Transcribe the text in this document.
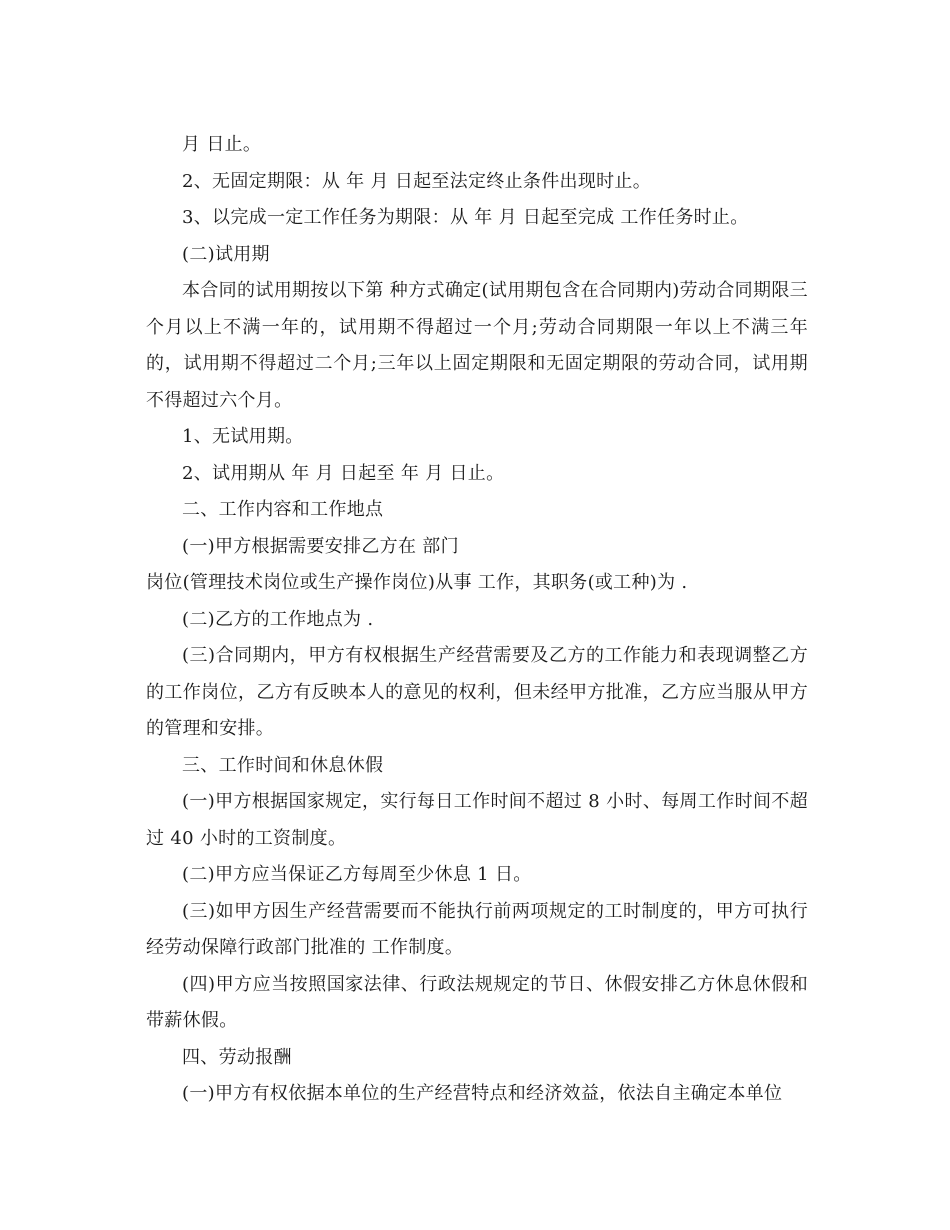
月 日止。

2、无固定期限：从 年 月 日起至法定终止条件出现时止。

3、以完成一定工作任务为期限：从 年 月 日起至完成 工作任务时止。

(二)试用期

本合同的试用期按以下第 种方式确定(试用期包含在合同期内)劳动合同期限三个月以上不满一年的，试用期不得超过一个月;劳动合同期限一年以上不满三年的，试用期不得超过二个月;三年以上固定期限和无固定期限的劳动合同，试用期不得超过六个月。

1、无试用期。

2、试用期从 年 月 日起至 年 月 日止。

二、工作内容和工作地点

(一)甲方根据需要安排乙方在 部门

岗位(管理技术岗位或生产操作岗位)从事 工作，其职务(或工种)为 .

(二)乙方的工作地点为 .

(三)合同期内，甲方有权根据生产经营需要及乙方的工作能力和表现调整乙方的工作岗位，乙方有反映本人的意见的权利，但未经甲方批准，乙方应当服从甲方的管理和安排。

三、工作时间和休息休假

(一)甲方根据国家规定，实行每日工作时间不超过 8 小时、每周工作时间不超过 40 小时的工资制度。

(二)甲方应当保证乙方每周至少休息 1 日。

(三)如甲方因生产经营需要而不能执行前两项规定的工时制度的，甲方可执行经劳动保障行政部门批准的 工作制度。

(四)甲方应当按照国家法律、行政法规规定的节日、休假安排乙方休息休假和带薪休假。

四、劳动报酬

(一)甲方有权依据本单位的生产经营特点和经济效益，依法自主确定本单位
